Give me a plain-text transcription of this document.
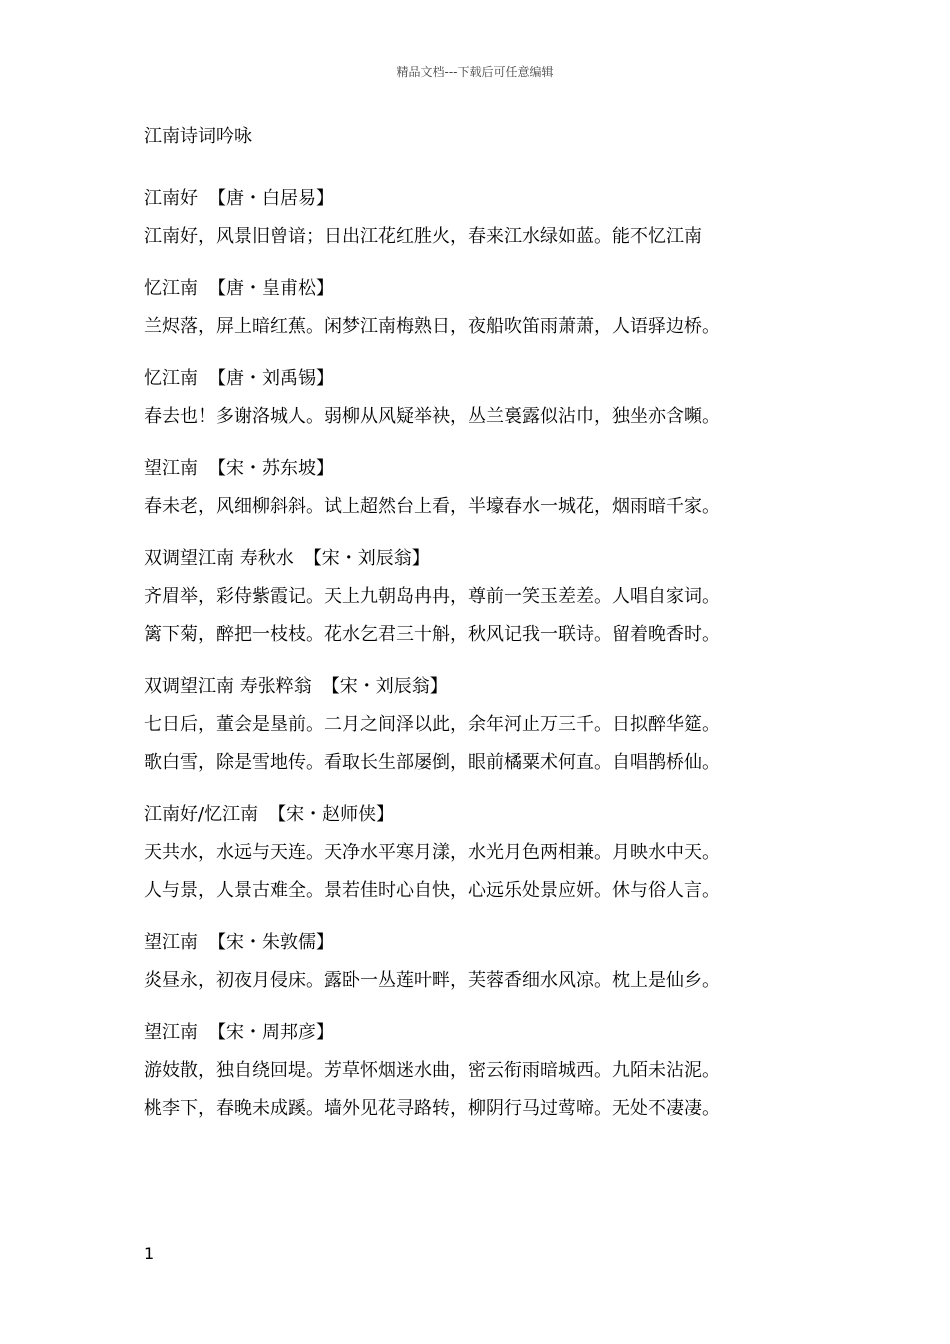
精品文档---下载后可任意编辑
江南诗词吟咏
江南好 【唐・白居易】
江南好，风景旧曾谙；日出江花红胜火，春来江水绿如蓝。能不忆江南
忆江南 【唐・皇甫松】
兰烬落，屏上暗红蕉。闲梦江南梅熟日，夜船吹笛雨萧萧，人语驿边桥。
忆江南 【唐・刘禹锡】
春去也！多谢洛城人。弱柳从风疑举袂，丛兰裛露似沾巾，独坐亦含嚬。
望江南 【宋・苏东坡】
春未老，风细柳斜斜。试上超然台上看，半壕春水一城花，烟雨暗千家。
双调望江南 寿秋水 【宋・刘辰翁】
齐眉举，彩侍紫霞记。天上九朝岛冉冉，尊前一笑玉差差。人唱自家词。
篱下菊，醉把一枝枝。花水乞君三十斛，秋风记我一联诗。留着晚香时。
双调望江南 寿张粹翁 【宋・刘辰翁】
七日后，董会是垦前。二月之间泽以此，余年河止万三千。日拟醉华筵。
歌白雪，除是雪地传。看取长生部屡倒，眼前橘粟术何直。自唱鹊桥仙。
江南好/忆江南 【宋・赵师侠】
天共水，水远与天连。天净水平寒月漾，水光月色两相兼。月映水中天。
人与景，人景古难全。景若佳时心自快，心远乐处景应妍。休与俗人言。
望江南 【宋・朱敦儒】
炎昼永，初夜月侵床。露卧一丛莲叶畔，芙蓉香细水风凉。枕上是仙乡。
望江南 【宋・周邦彦】
游妓散，独自绕回堤。芳草怀烟迷水曲，密云衔雨暗城西。九陌未沾泥。
桃李下，春晚未成蹊。墙外见花寻路转，柳阴行马过莺啼。无处不凄凄。
1
